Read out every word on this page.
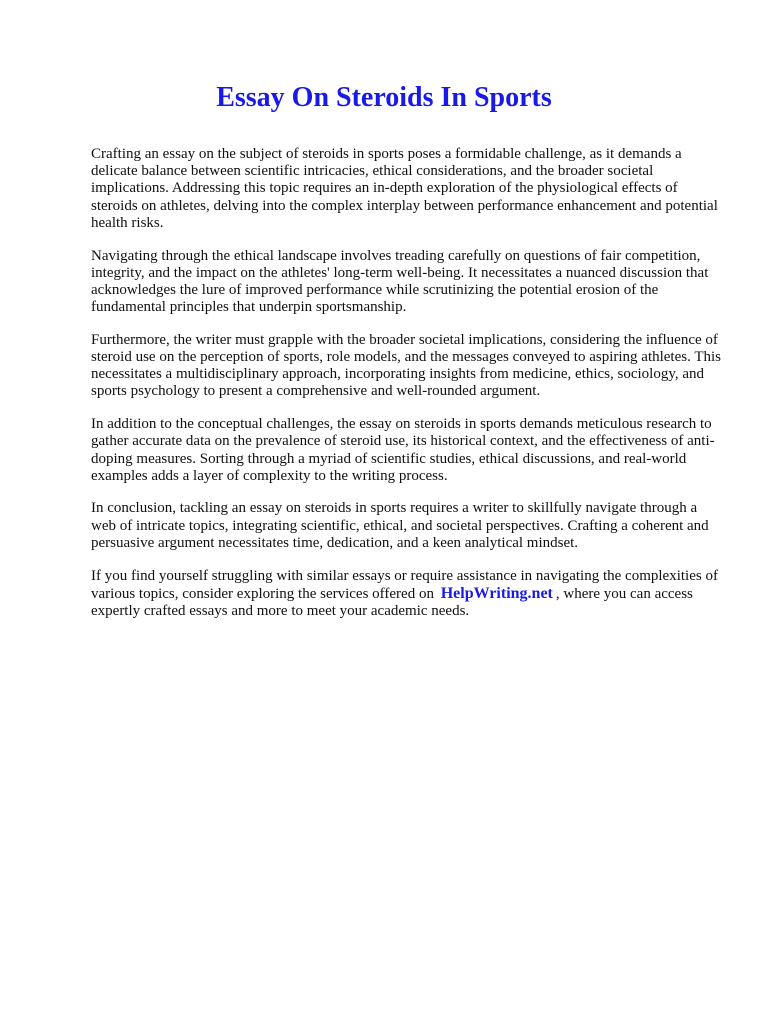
Essay On Steroids In Sports

Crafting an essay on the subject of steroids in sports poses a formidable challenge, as it demands a delicate balance between scientific intricacies, ethical considerations, and the broader societal implications. Addressing this topic requires an in-depth exploration of the physiological effects of steroids on athletes, delving into the complex interplay between performance enhancement and potential health risks.

Navigating through the ethical landscape involves treading carefully on questions of fair competition, integrity, and the impact on the athletes' long-term well-being. It necessitates a nuanced discussion that acknowledges the lure of improved performance while scrutinizing the potential erosion of the fundamental principles that underpin sportsmanship.

Furthermore, the writer must grapple with the broader societal implications, considering the influence of steroid use on the perception of sports, role models, and the messages conveyed to aspiring athletes. This necessitates a multidisciplinary approach, incorporating insights from medicine, ethics, sociology, and sports psychology to present a comprehensive and well-rounded argument.

In addition to the conceptual challenges, the essay on steroids in sports demands meticulous research to gather accurate data on the prevalence of steroid use, its historical context, and the effectiveness of anti-doping measures. Sorting through a myriad of scientific studies, ethical discussions, and real-world examples adds a layer of complexity to the writing process.

In conclusion, tackling an essay on steroids in sports requires a writer to skillfully navigate through a web of intricate topics, integrating scientific, ethical, and societal perspectives. Crafting a coherent and persuasive argument necessitates time, dedication, and a keen analytical mindset.

If you find yourself struggling with similar essays or require assistance in navigating the complexities of various topics, consider exploring the services offered on HelpWriting.net , where you can access expertly crafted essays and more to meet your academic needs.
